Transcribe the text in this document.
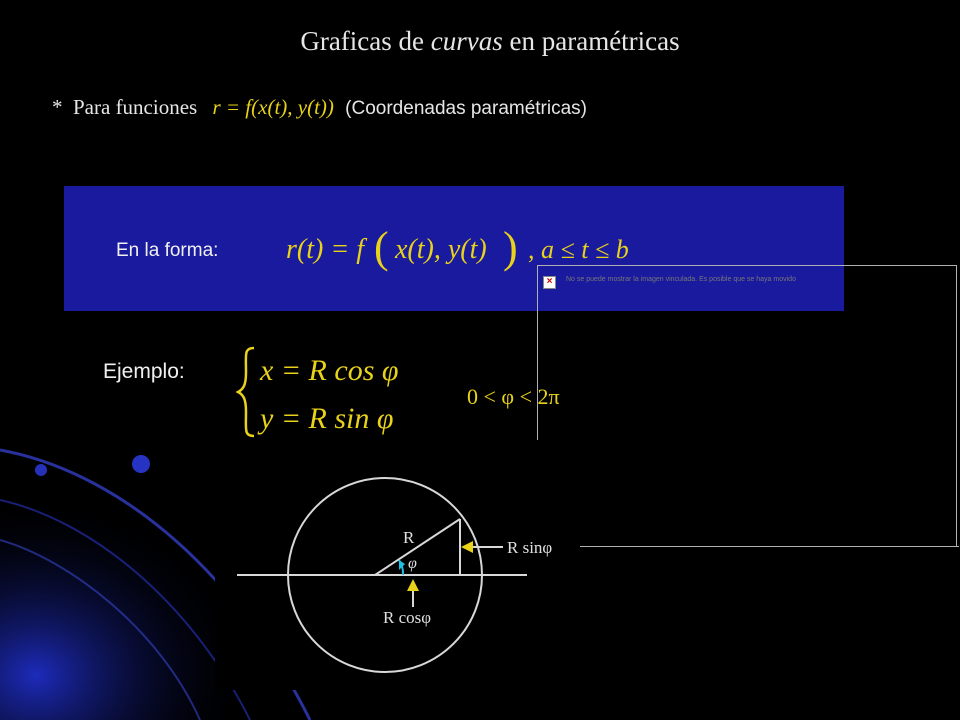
Graficas de curvas en paramétricas
* Para funciones r = f(x(t), y(t)) (Coordenadas paramétricas)
En la forma: r(t) = f ( x(t), y(t) ) , a ≤ t ≤ b
×	No se puede mostrar la imagen vinculada. Es posible que se haya movido
Ejemplo:	x = R cos φ
y = R sin φ
0 < φ < 2π
R
φ
R sinφ
R cosφ
